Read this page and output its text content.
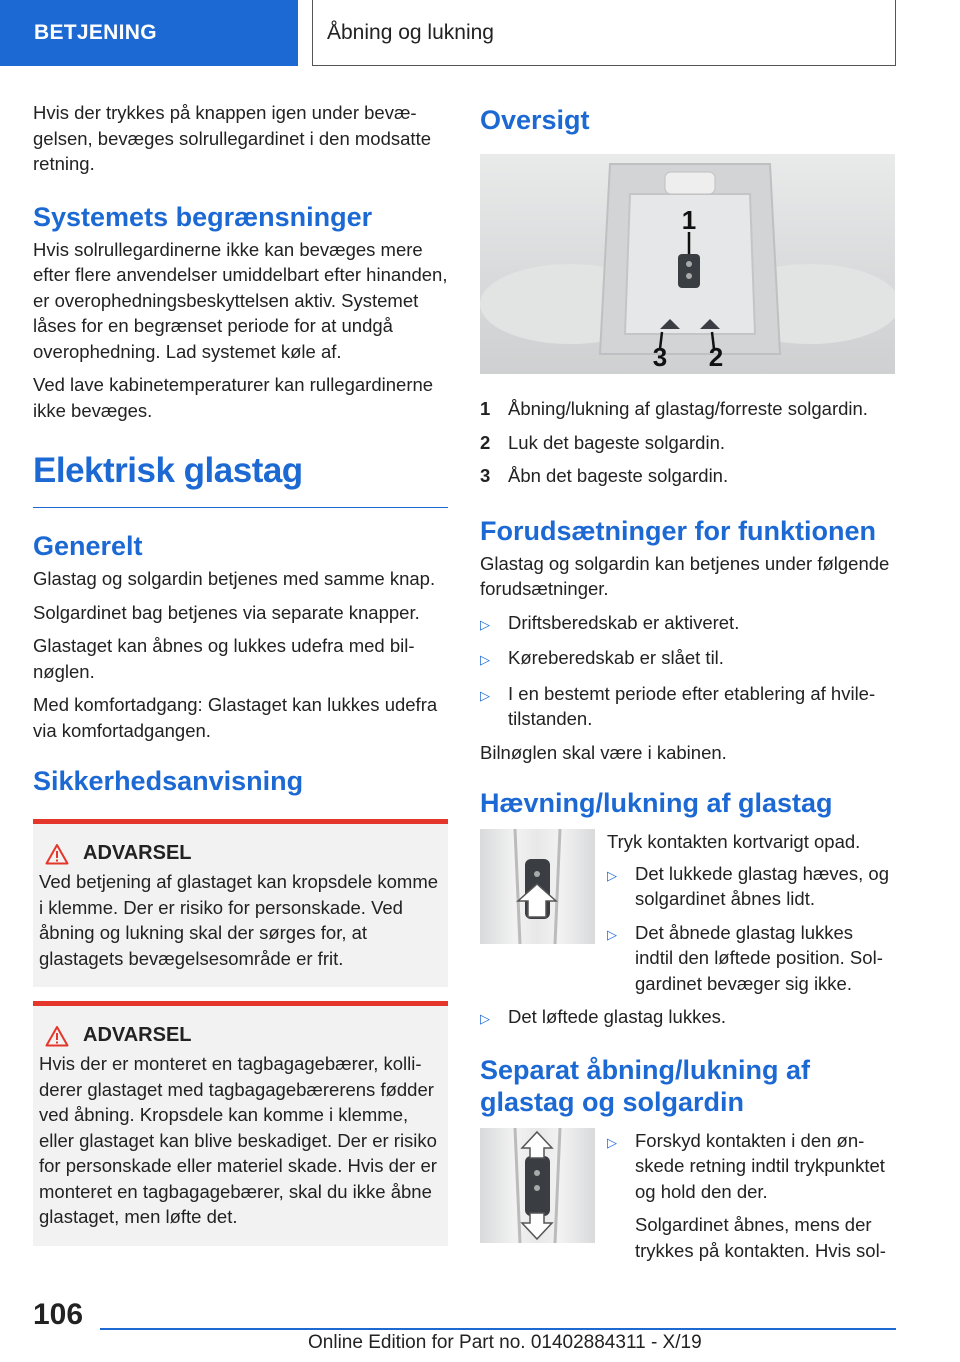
BETJENING	Åbning og lukning

Hvis der trykkes på knappen igen under bevægelsen, bevæges solrullegardinet i den modsatte retning.

Systemets begrænsninger

Hvis solrullegardinerne ikke kan bevæges mere efter flere anvendelser umiddelbart efter hinanden, er overophedningsbeskyttelsen aktiv. Systemet låses for en begrænset periode for at undgå overophedning. Lad systemet køle af.

Ved lave kabinetemperaturer kan rullegardinerne ikke bevæges.

Elektrisk glastag
Generelt

Glastag og solgardin betjenes med samme knap.

Solgardinet bag betjenes via separate knapper.

Glastaget kan åbnes og lukkes udefra med bilnøglen.

Med komfortadgang: Glastaget kan lukkes udefra via komfortadgangen.

Sikkerhedsanvisning
ADVARSEL

Ved betjening af glastaget kan kropsdele komme i klemme. Der er risiko for personskade. Ved åbning og lukning skal der sørges for, at glastagets bevægelsesområde er frit.

ADVARSEL

Hvis der er monteret en tagbagagebærer, kolliderer glastaget med tagbagagebærerens fødder ved åbning. Kropsdele kan komme i klemme, eller glastaget kan blive beskadiget. Der er risiko for personskade eller materiel skade. Hvis der er monteret en tagbagagebærer, skal du ikke åbne glastaget, men løfte det.

Oversigt
1
2
3
1 Åbning/lukning af glastag/forreste solgardin.
2 Luk det bageste solgardin.
3 Åbn det bageste solgardin.
Forudsætninger for funktionen

Glastag og solgardin kan betjenes under følgende forudsætninger.

▷ Driftsberedskab er aktiveret.
▷ Køreberedskab er slået til.
▷ I en bestemt periode efter etablering af hviletilstanden.

Bilnøglen skal være i kabinen.

Hævning/lukning af glastag

Tryk kontakten kortvarigt opad.

▷ Det lukkede glastag hæves, og solgardinet åbnes lidt.
▷ Det åbnede glastag lukkes indtil den løftede position. Solgardinet bevæger sig ikke.
▷ Det løftede glastag lukkes.
Separat åbning/lukning af glastag og solgardin
▷ Forskyd kontakten i den ønskede retning indtil trykpunktet og hold den der.

Solgardinet åbnes, mens der trykkes på kontakten. Hvis sol-

106
Online Edition for Part no. 01402884311 - X/19
